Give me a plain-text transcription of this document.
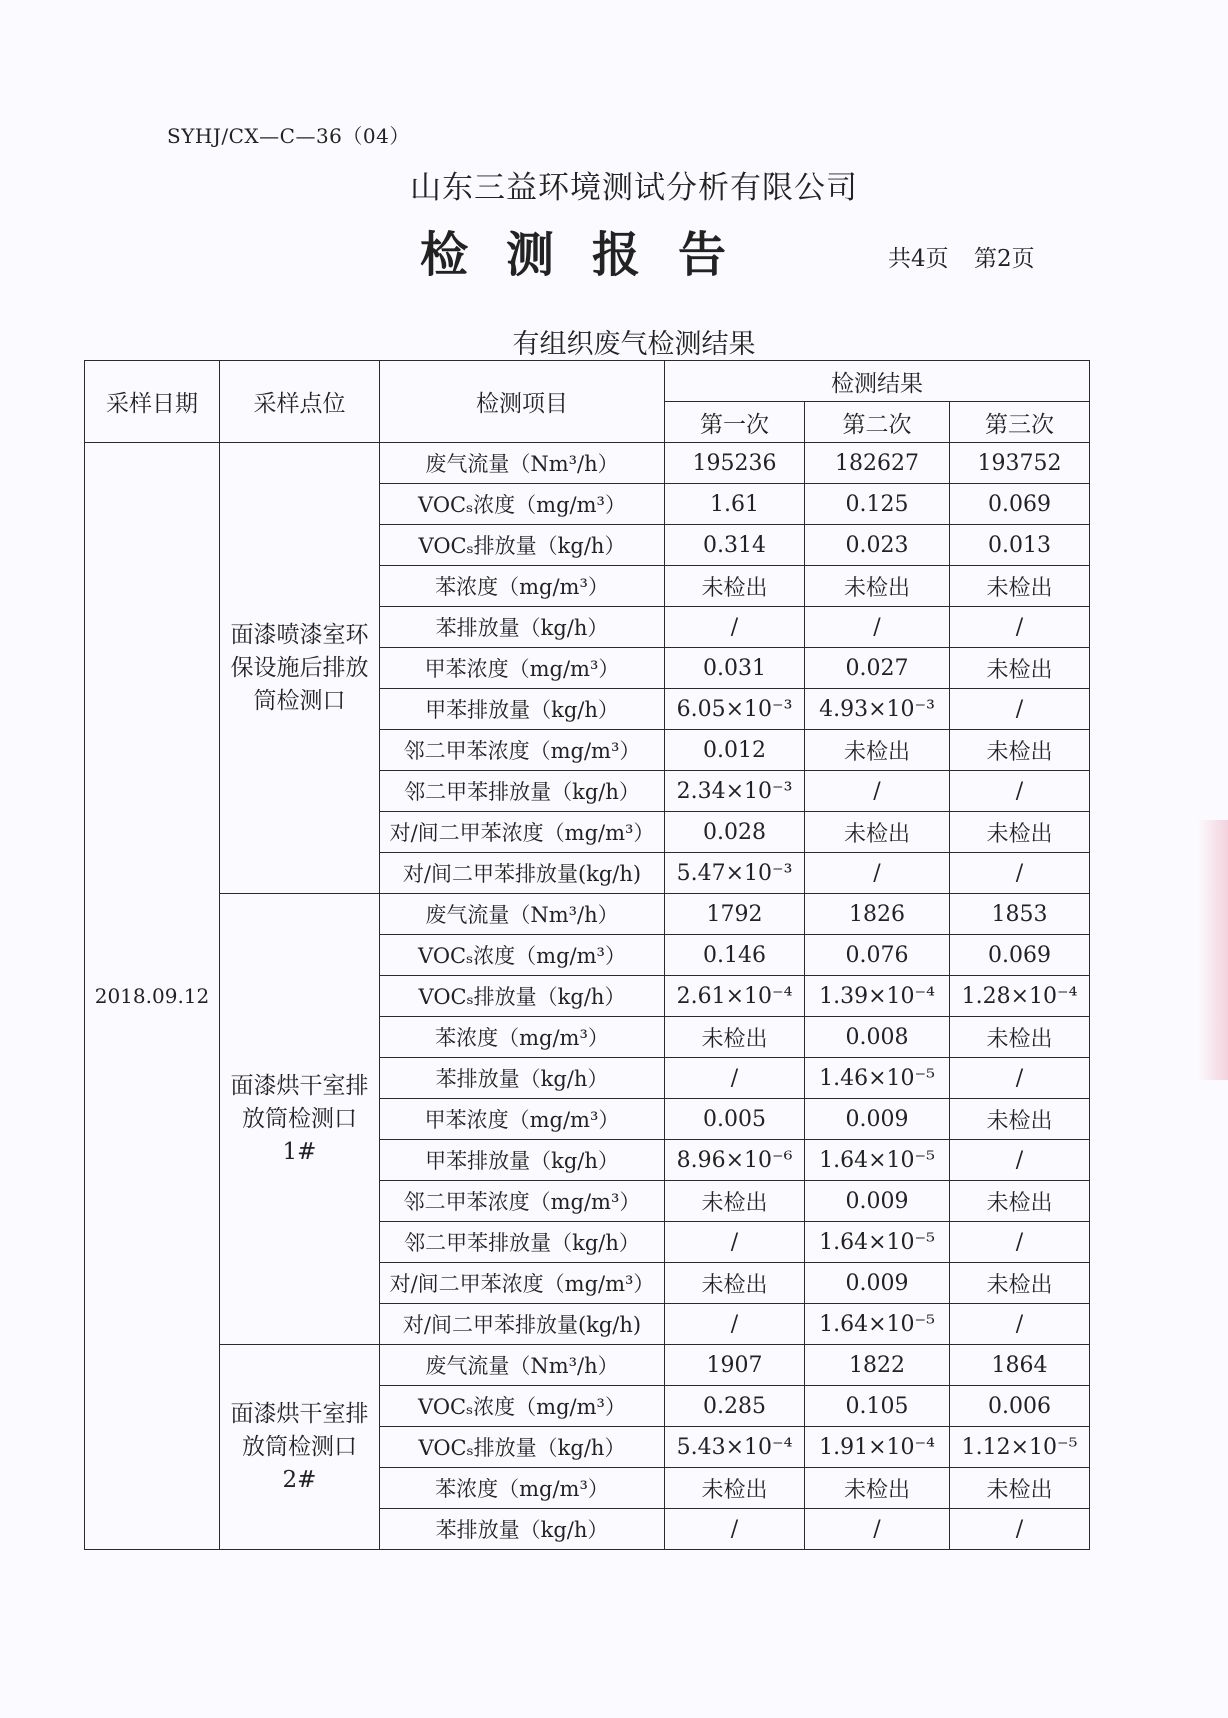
SYHJ/CX—C—36（04）
山东三益环境测试分析有限公司
检测报告	共4页 第2页
有组织废气检测结果
采样日期	采样点位	检测项目	检测结果		
			第一次	第二次	第三次
2018.09.12	面漆喷漆室环保设施后排放筒检测口	废气流量（Nm³/h）	195236	182627	193752
		VOCₛ浓度（mg/m³）	1.61	0.125	0.069
		VOCₛ排放量（kg/h）	0.314	0.023	0.013
		苯浓度（mg/m³）	未检出	未检出	未检出
		苯排放量（kg/h）	/	/	/
		甲苯浓度（mg/m³）	0.031	0.027	未检出
		甲苯排放量（kg/h）	6.05×10⁻³	4.93×10⁻³	/
		邻二甲苯浓度（mg/m³）	0.012	未检出	未检出
		邻二甲苯排放量（kg/h）	2.34×10⁻³	/	/
		对/间二甲苯浓度（mg/m³）	0.028	未检出	未检出
		对/间二甲苯排放量(kg/h)	5.47×10⁻³	/	/
	面漆烘干室排放筒检测口1#	废气流量（Nm³/h）	1792	1826	1853
		VOCₛ浓度（mg/m³）	0.146	0.076	0.069
		VOCₛ排放量（kg/h）	2.61×10⁻⁴	1.39×10⁻⁴	1.28×10⁻⁴
		苯浓度（mg/m³）	未检出	0.008	未检出
		苯排放量（kg/h）	/	1.46×10⁻⁵	/
		甲苯浓度（mg/m³）	0.005	0.009	未检出
		甲苯排放量（kg/h）	8.96×10⁻⁶	1.64×10⁻⁵	/
		邻二甲苯浓度（mg/m³）	未检出	0.009	未检出
		邻二甲苯排放量（kg/h）	/	1.64×10⁻⁵	/
		对/间二甲苯浓度（mg/m³）	未检出	0.009	未检出
		对/间二甲苯排放量(kg/h)	/	1.64×10⁻⁵	/
	面漆烘干室排放筒检测口2#	废气流量（Nm³/h）	1907	1822	1864
		VOCₛ浓度（mg/m³）	0.285	0.105	0.006
		VOCₛ排放量（kg/h）	5.43×10⁻⁴	1.91×10⁻⁴	1.12×10⁻⁵
		苯浓度（mg/m³）	未检出	未检出	未检出
		苯排放量（kg/h）	/	/	/
